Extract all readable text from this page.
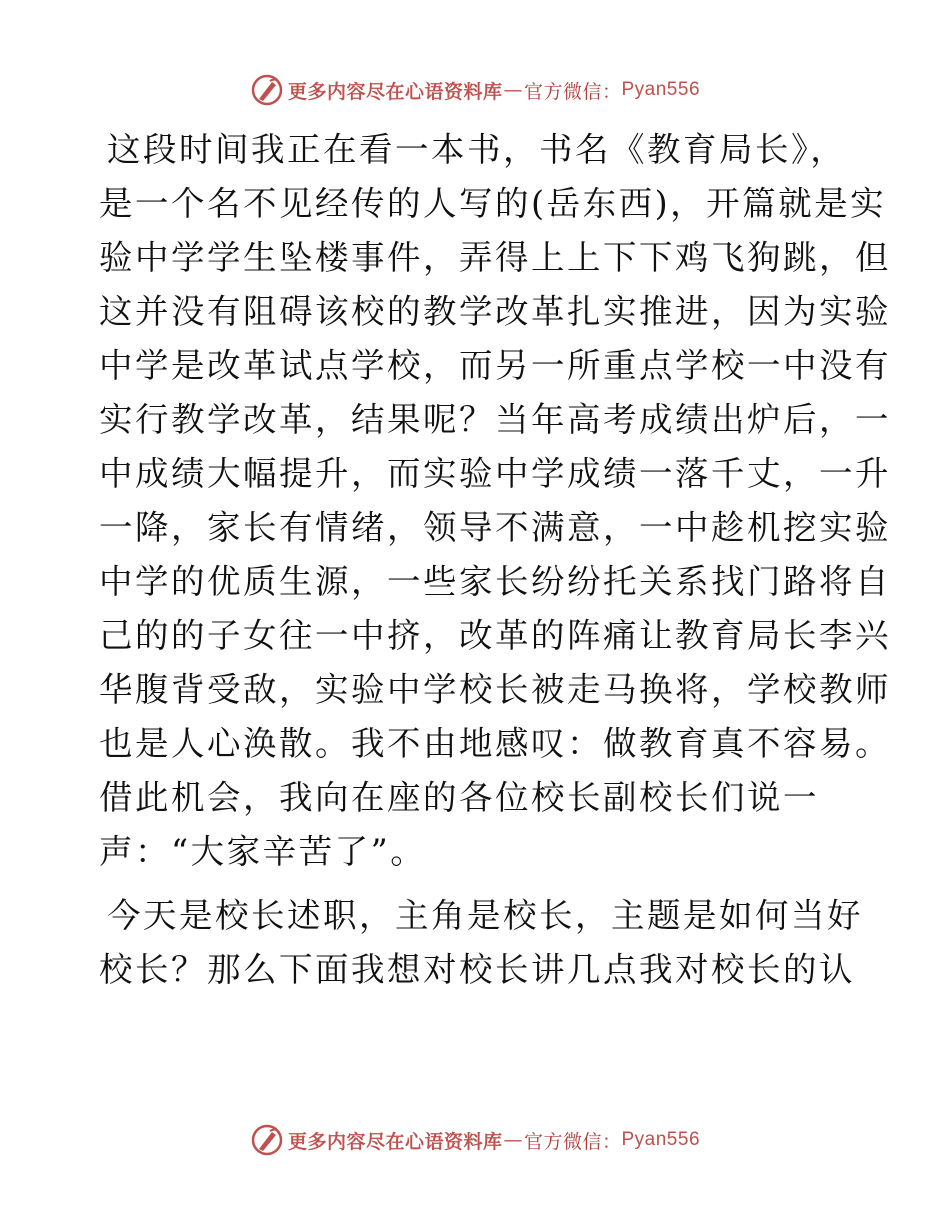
更多内容尽在心语资料库 — 官方微信： Pyan556
这段时间我正在看一本书，书名《教育局长》，
是一个名不见经传的人写的(岳东西)，开篇就是实
验中学学生坠楼事件，弄得上上下下鸡飞狗跳，但
这并没有阻碍该校的教学改革扎实推进，因为实验
中学是改革试点学校，而另一所重点学校一中没有
实行教学改革，结果呢？当年高考成绩出炉后，一
中成绩大幅提升，而实验中学成绩一落千丈，一升
一降，家长有情绪，领导不满意，一中趁机挖实验
中学的优质生源，一些家长纷纷托关系找门路将自
己的的子女往一中挤，改革的阵痛让教育局长李兴
华腹背受敌，实验中学校长被走马换将，学校教师
也是人心涣散。我不由地感叹：做教育真不容易。
借此机会，我向在座的各位校长副校长们说一
声：“大家辛苦了”。
今天是校长述职，主角是校长，主题是如何当好
校长？那么下面我想对校长讲几点我对校长的认
更多内容尽在心语资料库 — 官方微信： Pyan556
